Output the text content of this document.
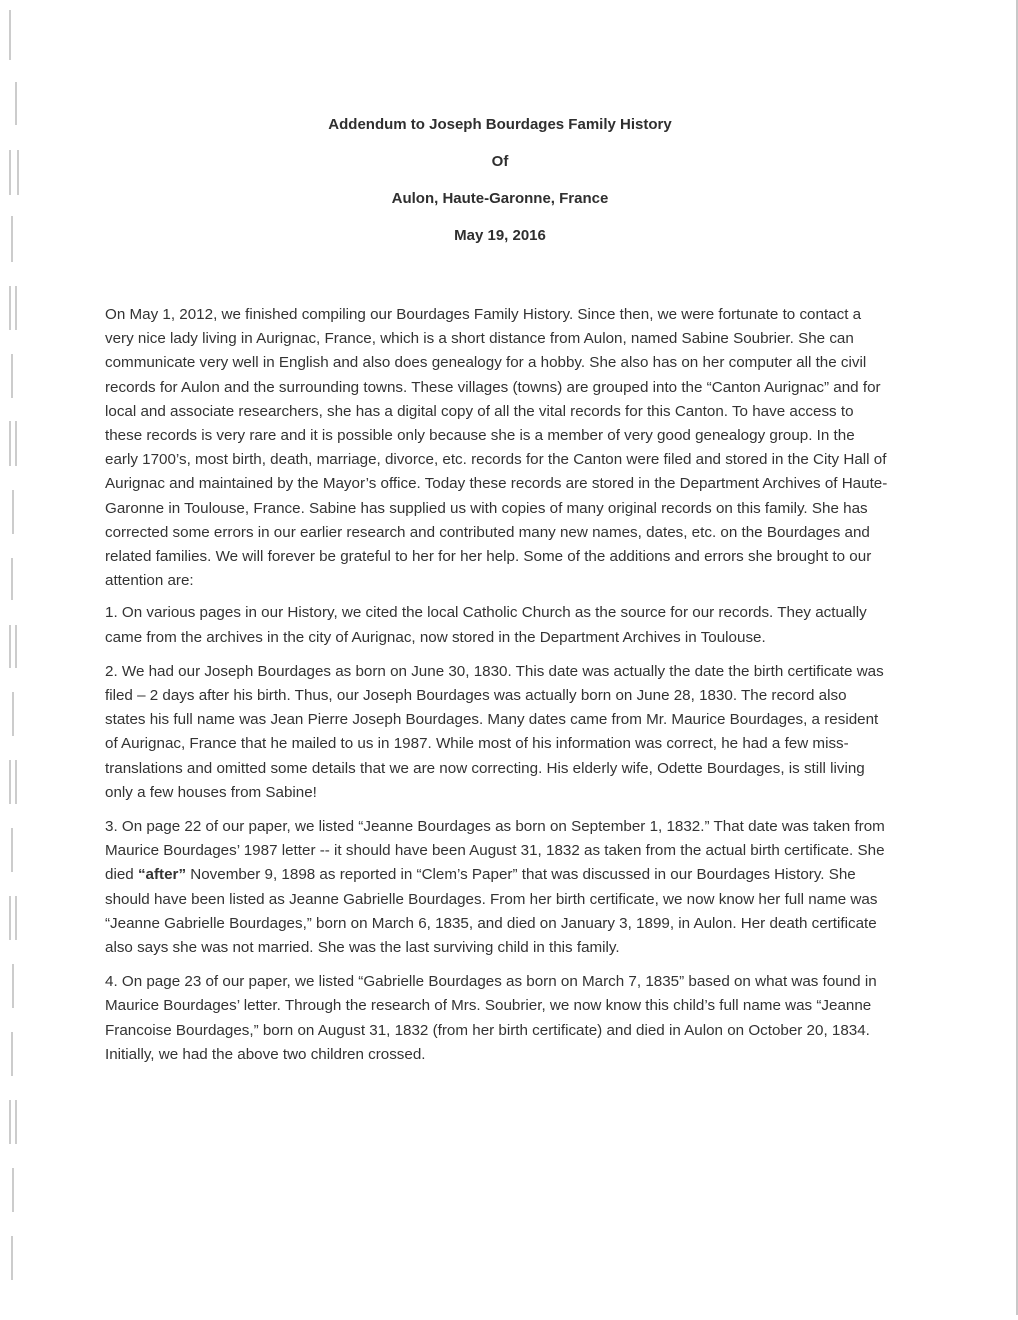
Addendum to Joseph Bourdages Family History

Of

Aulon, Haute-Garonne, France

May 19, 2016

On May 1, 2012, we finished compiling our Bourdages Family History. Since then, we were fortunate to contact a very nice lady living in Aurignac, France, which is a short distance from Aulon, named Sabine Soubrier. She can communicate very well in English and also does genealogy for a hobby. She also has on her computer all the civil records for Aulon and the surrounding towns. These villages (towns) are grouped into the “Canton Aurignac” and for local and associate researchers, she has a digital copy of all the vital records for this Canton. To have access to these records is very rare and it is possible only because she is a member of very good genealogy group. In the early 1700’s, most birth, death, marriage, divorce, etc. records for the Canton were filed and stored in the City Hall of Aurignac and maintained by the Mayor’s office. Today these records are stored in the Department Archives of Haute-Garonne in Toulouse, France. Sabine has supplied us with copies of many original records on this family. She has corrected some errors in our earlier research and contributed many new names, dates, etc. on the Bourdages and related families. We will forever be grateful to her for her help. Some of the additions and errors she brought to our attention are:

1. On various pages in our History, we cited the local Catholic Church as the source for our records. They actually came from the archives in the city of Aurignac, now stored in the Department Archives in Toulouse.

2. We had our Joseph Bourdages as born on June 30, 1830. This date was actually the date the birth certificate was filed – 2 days after his birth. Thus, our Joseph Bourdages was actually born on June 28, 1830. The record also states his full name was Jean Pierre Joseph Bourdages. Many dates came from Mr. Maurice Bourdages, a resident of Aurignac, France that he mailed to us in 1987. While most of his information was correct, he had a few miss-translations and omitted some details that we are now correcting. His elderly wife, Odette Bourdages, is still living only a few houses from Sabine!

3. On page 22 of our paper, we listed “Jeanne Bourdages as born on September 1, 1832.” That date was taken from Maurice Bourdages’ 1987 letter -- it should have been August 31, 1832 as taken from the actual birth certificate. She died “after” November 9, 1898 as reported in “Clem’s Paper” that was discussed in our Bourdages History. She should have been listed as Jeanne Gabrielle Bourdages. From her birth certificate, we now know her full name was “Jeanne Gabrielle Bourdages,” born on March 6, 1835, and died on January 3, 1899, in Aulon. Her death certificate also says she was not married. She was the last surviving child in this family.

4. On page 23 of our paper, we listed “Gabrielle Bourdages as born on March 7, 1835” based on what was found in Maurice Bourdages’ letter. Through the research of Mrs. Soubrier, we now know this child’s full name was “Jeanne Francoise Bourdages,” born on August 31, 1832 (from her birth certificate) and died in Aulon on October 20, 1834. Initially, we had the above two children crossed.
